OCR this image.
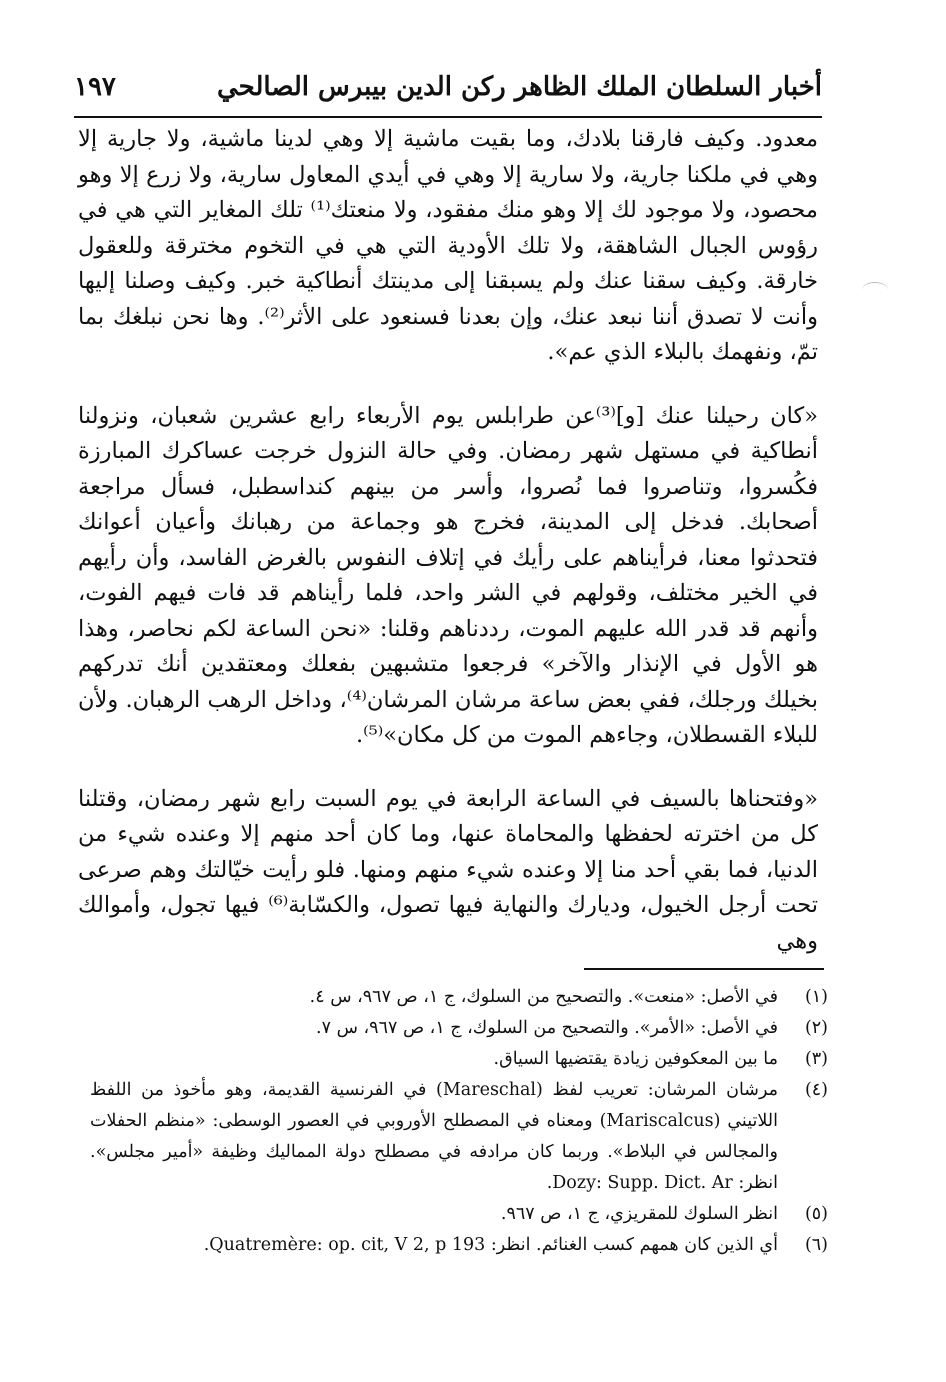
أخبار السلطان الملك الظاهر ركن الدين بيبرس الصالحي
١٩٧

معدود. وكيف فارقنا بلادك، وما بقيت ماشية إلا وهي لدينا ماشية، ولا جارية إلا وهي في ملكنا جارية، ولا سارية إلا وهي في أيدي المعاول سارية، ولا زرع إلا وهو محصود، ولا موجود لك إلا وهو منك مفقود، ولا منعتك⁽¹⁾ تلك المغاير التي هي في رؤوس الجبال الشاهقة، ولا تلك الأودية التي هي في التخوم مخترقة وللعقول خارقة. وكيف سقنا عنك ولم يسبقنا إلى مدينتك أنطاكية خبر. وكيف وصلنا إليها وأنت لا تصدق أننا نبعد عنك، وإن بعدنا فسنعود على الأثر⁽²⁾. وها نحن نبلغك بما تمّ، ونفهمك بالبلاء الذي عم».

«كان رحيلنا عنك [و]⁽³⁾عن طرابلس يوم الأربعاء رابع عشرين شعبان، ونزولنا أنطاكية في مستهل شهر رمضان. وفي حالة النزول خرجت عساكرك المبارزة فكُسروا، وتناصروا فما نُصروا، وأسر من بينهم كنداسطبل، فسأل مراجعة أصحابك. فدخل إلى المدينة، فخرج هو وجماعة من رهبانك وأعيان أعوانك فتحدثوا معنا، فرأيناهم على رأيك في إتلاف النفوس بالغرض الفاسد، وأن رأيهم في الخير مختلف، وقولهم في الشر واحد، فلما رأيناهم قد فات فيهم الفوت، وأنهم قد قدر الله عليهم الموت، رددناهم وقلنا: «نحن الساعة لكم نحاصر، وهذا هو الأول في الإنذار والآخر» فرجعوا متشبهين بفعلك ومعتقدين أنك تدركهم بخيلك ورجلك، ففي بعض ساعة مرشان المرشان⁽⁴⁾، وداخل الرهب الرهبان. ولأن للبلاء القسطلان، وجاءهم الموت من كل مكان»⁽⁵⁾.

«وفتحناها بالسيف في الساعة الرابعة في يوم السبت رابع شهر رمضان، وقتلنا كل من اخترته لحفظها والمحاماة عنها، وما كان أحد منهم إلا وعنده شيء من الدنيا، فما بقي أحد منا إلا وعنده شيء منهم ومنها. فلو رأيت خيّالتك وهم صرعى تحت أرجل الخيول، وديارك والنهاية فيها تصول، والكسّابة⁽⁶⁾ فيها تجول، وأموالك وهي

(١)
في الأصل: «منعت». والتصحيح من السلوك، ج ١، ص ٩٦٧، س ٤.
(٢)
في الأصل: «الأمر». والتصحيح من السلوك، ج ١، ص ٩٦٧، س ٧.
(٣)
ما بين المعكوفين زيادة يقتضيها السياق.
(٤)
مرشان المرشان: تعريب لفظ (Mareschal) في الفرنسية القديمة، وهو مأخوذ من اللفظ اللاتيني (Mariscalcus) ومعناه في المصطلح الأوروبي في العصور الوسطى: «منظم الحفلات والمجالس في البلاط». وربما كان مرادفه في مصطلح دولة المماليك وظيفة «أمير مجلس». انظر: Dozy: Supp. Dict. Ar.
(٥)
انظر السلوك للمقريزي، ج ١، ص ٩٦٧.
(٦)
أي الذين كان همهم كسب الغنائم. انظر: Quatremère: op. cit, V 2, p 193.
